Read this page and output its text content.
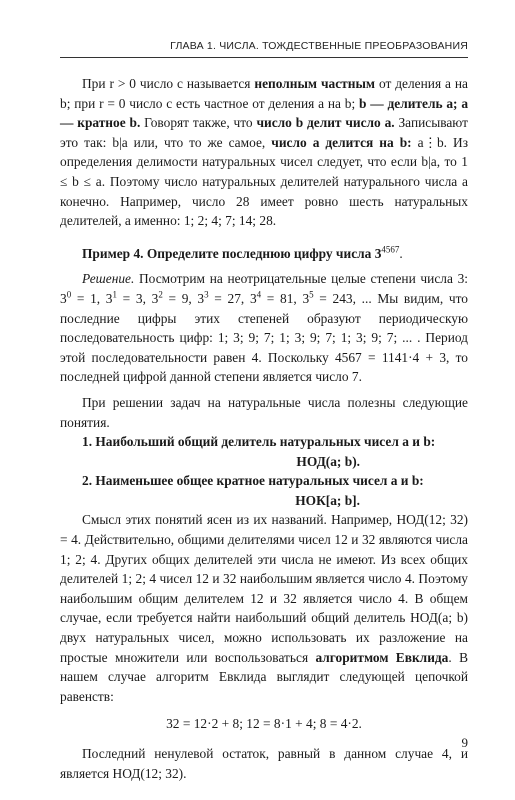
ГЛАВА 1. ЧИСЛА. ТОЖДЕСТВЕННЫЕ ПРЕОБРАЗОВАНИЯ

При r > 0 число c называется неполным частным от деления a на b; при r = 0 число c есть частное от деления a на b; b — делитель a; a — кратное b. Говорят также, что число b делит число a. Записывают это так: b|a или, что то же самое, число a делится на b: a⋮b. Из определения делимости натуральных чисел следует, что если b|a, то 1 ≤ b ≤ a. Поэтому число натуральных делителей натурального числа a конечно. Например, число 28 имеет ровно шесть натуральных делителей, а именно: 1; 2; 4; 7; 14; 28.

Пример 4. Определите последнюю цифру числа $3^{4567}$.

Решение. Посмотрим на неотрицательные целые степени числа 3: $3^0 = 1$, $3^1 = 3$, $3^2 = 9$, $3^3 = 27$, $3^4 = 81$, $3^5 = 243$, ... Мы видим, что последние цифры этих степеней образуют периодическую последовательность цифр: 1; 3; 9; 7; 1; 3; 9; 7; 1; 3; 9; 7; ... . Период этой последовательности равен 4. Поскольку 4567 = 1141·4 + 3, то последней цифрой данной степени является число 7.

При решении задач на натуральные числа полезны следующие понятия.

1. Наибольший общий делитель натуральных чисел a и b:
НОД(a; b).
2. Наименьшее общее кратное натуральных чисел a и b:
НОК[a; b].

Смысл этих понятий ясен из их названий. Например, НОД(12; 32) = 4. Действительно, общими делителями чисел 12 и 32 являются числа 1; 2; 4. Других общих делителей эти числа не имеют. Из всех общих делителей 1; 2; 4 чисел 12 и 32 наибольшим является число 4. Поэтому наибольшим общим делителем 12 и 32 является число 4. В общем случае, если требуется найти наибольший общий делитель НОД(a; b) двух натуральных чисел, можно использовать их разложение на простые множители или воспользоваться алгоритмом Евклида. В нашем случае алгоритм Евклида выглядит следующей цепочкой равенств:

32 = 12·2 + 8; 12 = 8·1 + 4; 8 = 4·2.

Последний ненулевой остаток, равный в данном случае 4, и является НОД(12; 32).

9
